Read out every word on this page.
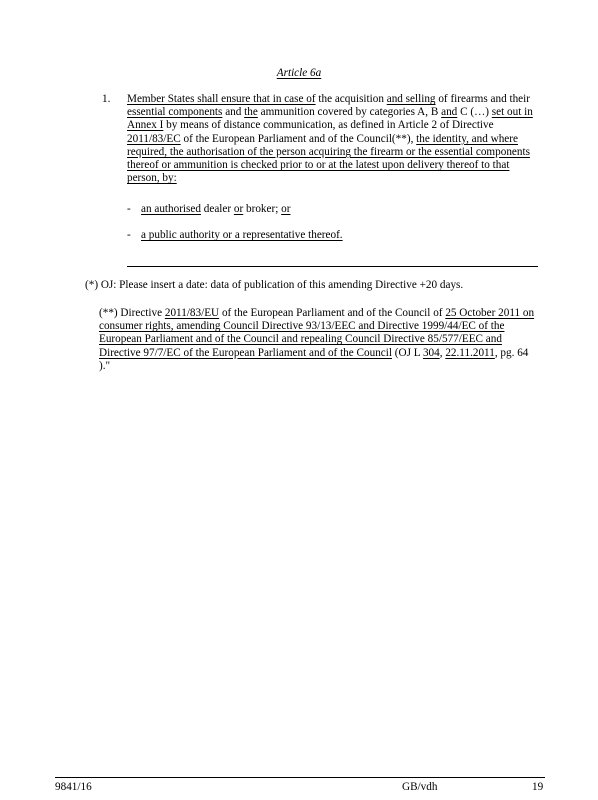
Article 6a
1. Member States shall ensure that in case of the acquisition and selling of firearms and their essential components and the ammunition covered by categories A, B and C (…) set out in Annex I by means of distance communication, as defined in Article 2 of Directive 2011/83/EC of the European Parliament and of the Council(**), the identity, and where required, the authorisation of the person acquiring the firearm or the essential components thereof or ammunition is checked prior to or at the latest upon delivery thereof to that person, by:
- an authorised dealer or broker; or
- a public authority or a representative thereof.
(*) OJ: Please insert a date: data of publication of this amending Directive +20 days.
(**) Directive 2011/83/EU of the European Parliament and of the Council of 25 October 2011 on consumer rights, amending Council Directive 93/13/EEC and Directive 1999/44/EC of the European Parliament and of the Council and repealing Council Directive 85/577/EEC and Directive 97/7/EC of the European Parliament and of the Council (OJ L 304, 22.11.2011, pg. 64 )."
9841/16	GB/vdh	19
